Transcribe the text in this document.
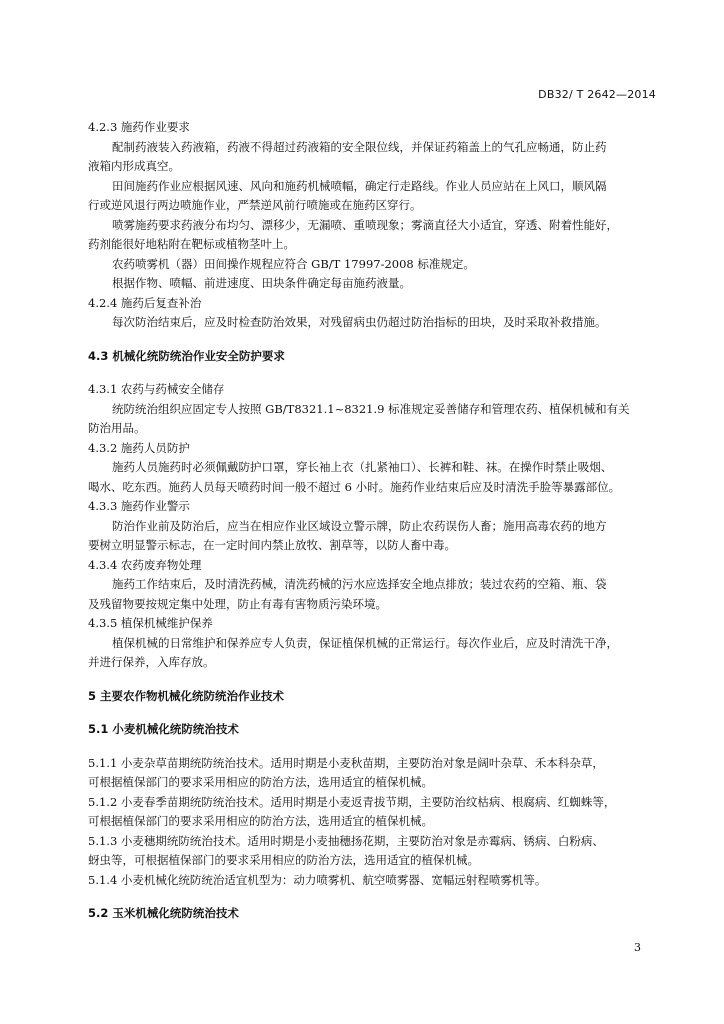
DB32/ T 2642—2014
4.2.3 施药作业要求
配制药液装入药液箱，药液不得超过药液箱的安全限位线，并保证药箱盖上的气孔应畅通，防止药
液箱内形成真空。
田间施药作业应根据风速、风向和施药机械喷幅，确定行走路线。作业人员应站在上风口，顺风隔
行或逆风退行两边喷施作业，严禁逆风前行喷施或在施药区穿行。
喷雾施药要求药液分布均匀、漂移少，无漏喷、重喷现象；雾滴直径大小适宜，穿透、附着性能好，
药剂能很好地粘附在靶标或植物茎叶上。
农药喷雾机（器）田间操作规程应符合 GB/T 17997-2008 标准规定。
根据作物、喷幅、前进速度、田块条件确定每亩施药液量。
4.2.4 施药后复查补治
每次防治结束后，应及时检查防治效果，对残留病虫仍超过防治指标的田块，及时采取补救措施。
4.3 机械化统防统治作业安全防护要求
4.3.1 农药与药械安全储存
统防统治组织应固定专人按照 GB/T8321.1~8321.9 标准规定妥善储存和管理农药、植保机械和有关
防治用品。
4.3.2 施药人员防护
施药人员施药时必须佩戴防护口罩，穿长袖上衣（扎紧袖口）、长裤和鞋、袜。在操作时禁止吸烟、
喝水、吃东西。施药人员每天喷药时间一般不超过 6 小时。施药作业结束后应及时清洗手脸等暴露部位。
4.3.3 施药作业警示
防治作业前及防治后，应当在相应作业区域设立警示牌，防止农药误伤人畜；施用高毒农药的地方
要树立明显警示标志，在一定时间内禁止放牧、割草等，以防人畜中毒。
4.3.4 农药废弃物处理
施药工作结束后，及时清洗药械，清洗药械的污水应选择安全地点排放；装过农药的空箱、瓶、袋
及残留物要按规定集中处理，防止有毒有害物质污染环境。
4.3.5 植保机械维护保养
植保机械的日常维护和保养应专人负责，保证植保机械的正常运行。每次作业后，应及时清洗干净，
并进行保养，入库存放。
5 主要农作物机械化统防统治作业技术
5.1 小麦机械化统防统治技术
5.1.1 小麦杂草苗期统防统治技术。适用时期是小麦秋苗期，主要防治对象是阔叶杂草、禾本科杂草，
可根据植保部门的要求采用相应的防治方法，选用适宜的植保机械。
5.1.2 小麦春季苗期统防统治技术。适用时期是小麦返青拔节期，主要防治纹枯病、根腐病、红蜘蛛等，
可根据植保部门的要求采用相应的防治方法，选用适宜的植保机械。
5.1.3 小麦穗期统防统治技术。适用时期是小麦抽穗扬花期，主要防治对象是赤霉病、锈病、白粉病、
蚜虫等，可根据植保部门的要求采用相应的防治方法，选用适宜的植保机械。
5.1.4 小麦机械化统防统治适宜机型为：动力喷雾机、航空喷雾器、宽幅远射程喷雾机等。
5.2 玉米机械化统防统治技术
3
